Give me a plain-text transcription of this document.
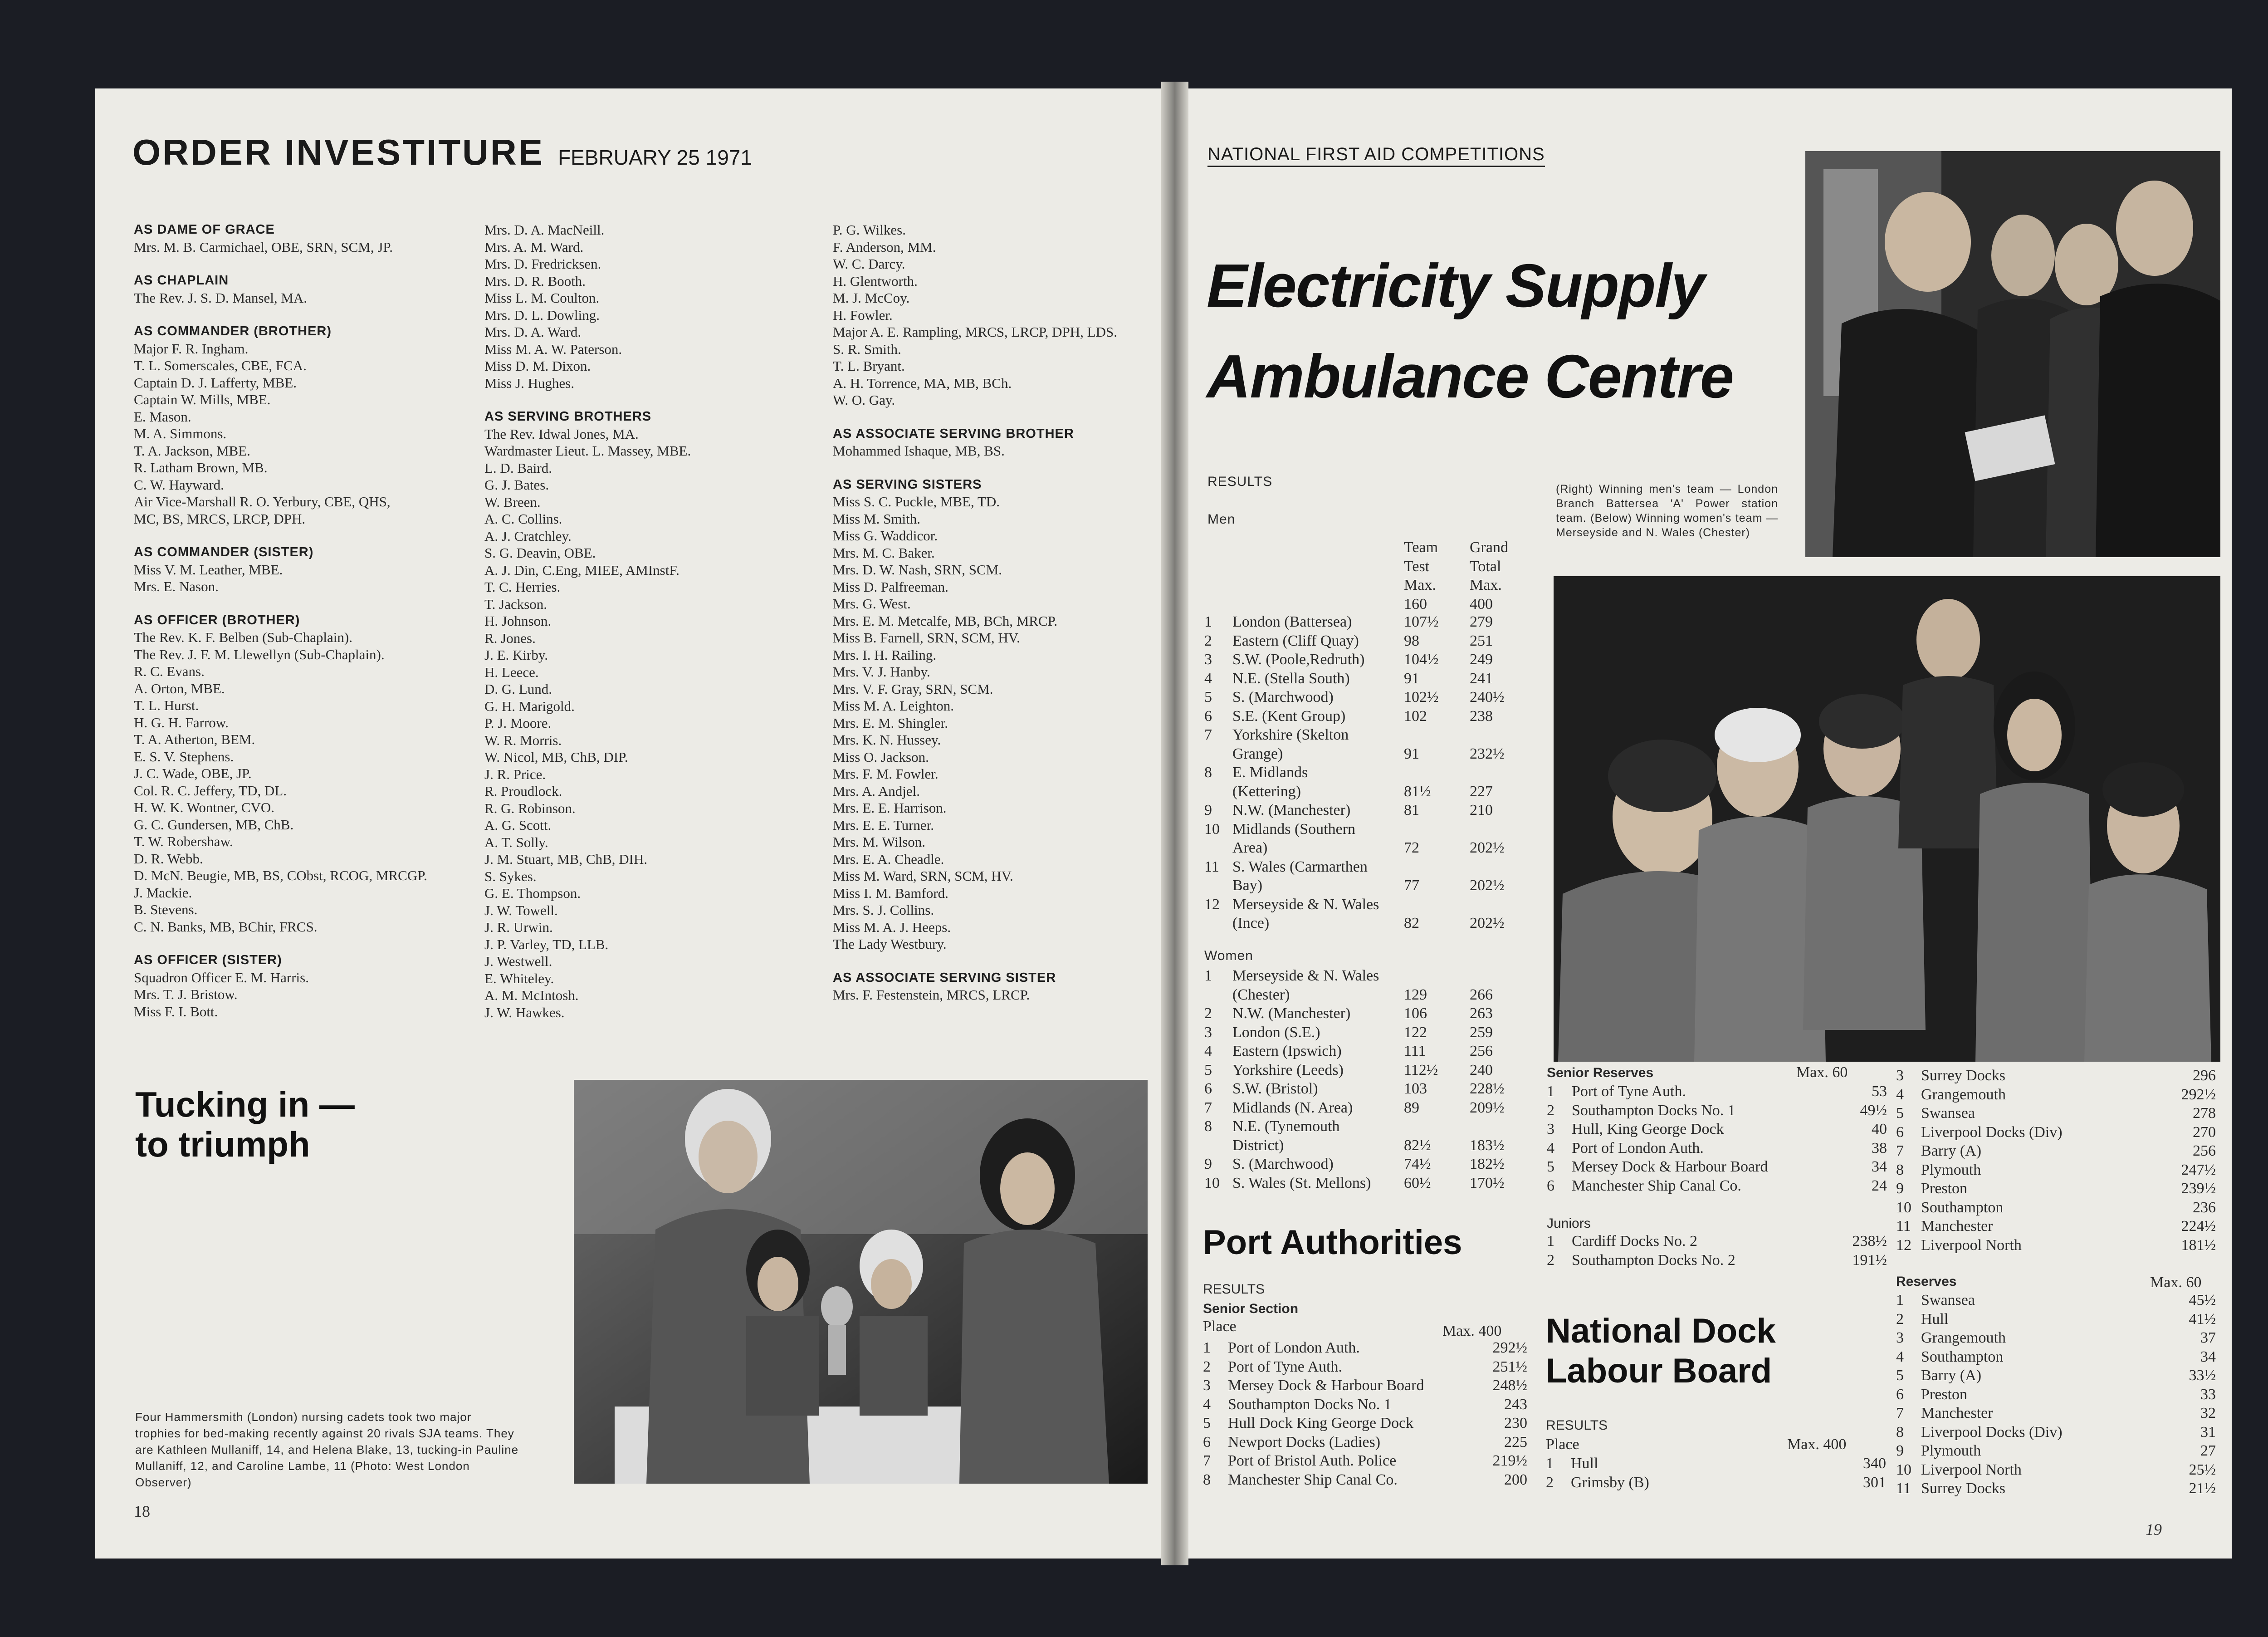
ORDER INVESTITURE FEBRUARY 25 1971
AS DAME OF GRACE
Mrs. M. B. Carmichael, OBE, SRN, SCM, JP.
AS CHAPLAIN
The Rev. J. S. D. Mansel, MA.
AS COMMANDER (BROTHER)
Major F. R. Ingham.
T. L. Somerscales, CBE, FCA.
Captain D. J. Lafferty, MBE.
Captain W. Mills, MBE.
E. Mason.
M. A. Simmons.
T. A. Jackson, MBE.
R. Latham Brown, MB.
C. W. Hayward.
Air Vice-Marshall R. O. Yerbury, CBE, QHS,
MC, BS, MRCS, LRCP, DPH.
AS COMMANDER (SISTER)
Miss V. M. Leather, MBE.
Mrs. E. Nason.
AS OFFICER (BROTHER)
The Rev. K. F. Belben (Sub-Chaplain).
The Rev. J. F. M. Llewellyn (Sub-Chaplain).
R. C. Evans.
A. Orton, MBE.
T. L. Hurst.
H. G. H. Farrow.
T. A. Atherton, BEM.
E. S. V. Stephens.
J. C. Wade, OBE, JP.
Col. R. C. Jeffery, TD, DL.
H. W. K. Wontner, CVO.
G. C. Gundersen, MB, ChB.
T. W. Robershaw.
D. R. Webb.
D. McN. Beugie, MB, BS, CObst, RCOG, MRCGP.
J. Mackie.
B. Stevens.
C. N. Banks, MB, BChir, FRCS.
AS OFFICER (SISTER)
Squadron Officer E. M. Harris.
Mrs. T. J. Bristow.
Miss F. I. Bott.
Mrs. D. A. MacNeill.
Mrs. A. M. Ward.
Mrs. D. Fredricksen.
Mrs. D. R. Booth.
Miss L. M. Coulton.
Mrs. D. L. Dowling.
Mrs. D. A. Ward.
Miss M. A. W. Paterson.
Miss D. M. Dixon.
Miss J. Hughes.
AS SERVING BROTHERS
The Rev. Idwal Jones, MA.
Wardmaster Lieut. L. Massey, MBE.
L. D. Baird.
G. J. Bates.
W. Breen.
A. C. Collins.
A. J. Cratchley.
S. G. Deavin, OBE.
A. J. Din, C.Eng, MIEE, AMInstF.
T. C. Herries.
T. Jackson.
H. Johnson.
R. Jones.
J. E. Kirby.
H. Leece.
D. G. Lund.
G. H. Marigold.
P. J. Moore.
W. R. Morris.
W. Nicol, MB, ChB, DIP.
J. R. Price.
R. Proudlock.
R. G. Robinson.
A. G. Scott.
A. T. Solly.
J. M. Stuart, MB, ChB, DIH.
S. Sykes.
G. E. Thompson.
J. W. Towell.
J. R. Urwin.
J. P. Varley, TD, LLB.
J. Westwell.
E. Whiteley.
A. M. McIntosh.
J. W. Hawkes.
P. G. Wilkes.
F. Anderson, MM.
W. C. Darcy.
H. Glentworth.
M. J. McCoy.
H. Fowler.
Major A. E. Rampling, MRCS, LRCP, DPH, LDS.
S. R. Smith.
T. L. Bryant.
A. H. Torrence, MA, MB, BCh.
W. O. Gay.
AS ASSOCIATE SERVING BROTHER
Mohammed Ishaque, MB, BS.
AS SERVING SISTERS
Miss S. C. Puckle, MBE, TD.
Miss M. Smith.
Miss G. Waddicor.
Mrs. M. C. Baker.
Mrs. D. W. Nash, SRN, SCM.
Miss D. Palfreeman.
Mrs. G. West.
Mrs. E. M. Metcalfe, MB, BCh, MRCP.
Miss B. Farnell, SRN, SCM, HV.
Mrs. I. H. Railing.
Mrs. V. J. Hanby.
Mrs. V. F. Gray, SRN, SCM.
Miss M. A. Leighton.
Mrs. E. M. Shingler.
Mrs. K. N. Hussey.
Miss O. Jackson.
Mrs. F. M. Fowler.
Mrs. A. Andjel.
Mrs. E. E. Harrison.
Mrs. E. E. Turner.
Mrs. M. Wilson.
Mrs. E. A. Cheadle.
Miss M. Ward, SRN, SCM, HV.
Miss I. M. Bamford.
Mrs. S. J. Collins.
Miss M. A. J. Heeps.
The Lady Westbury.
AS ASSOCIATE SERVING SISTER
Mrs. F. Festenstein, MRCS, LRCP.
Tucking in —
to triumph
Four Hammersmith (London) nursing cadets took two major trophies for bed-making recently against 20 rivals SJA teams. They are Kathleen Mullaniff, 14, and Helena Blake, 13, tucking-in Pauline Mullaniff, 12, and Caroline Lambe, 11 (Photo: West London Observer)
18
NATIONAL FIRST AID COMPETITIONS
Electricity Supply
Ambulance Centre
(Right) Winning men's team — London Branch Battersea 'A' Power station team. (Below) Winning women's team — Merseyside and N. Wales (Chester)
RESULTS
Men
	Team	Grand
	Test	Total
	Max.	Max.
	160	400
1	London (Battersea)	107½	279
2	Eastern (Cliff Quay)	98	251
3	S.W. (Poole,Redruth)	104½	249
4	N.E. (Stella South)	91	241
5	S. (Marchwood)	102½	240½
6	S.E. (Kent Group)	102	238
7	Yorkshire (Skelton		
	Grange)	91	232½
8	E. Midlands		
	(Kettering)	81½	227
9	N.W. (Manchester)	81	210
10	Midlands (Southern		
	Area)	72	202½
11	S. Wales (Carmarthen		
	Bay)	77	202½
12	Merseyside & N. Wales		
	(Ince)	82	202½
Women
1	Merseyside & N. Wales		
	(Chester)	129	266
2	N.W. (Manchester)	106	263
3	London (S.E.)	122	259
4	Eastern (Ipswich)	111	256
5	Yorkshire (Leeds)	112½	240
6	S.W. (Bristol)	103	228½
7	Midlands (N. Area)	89	209½
8	N.E. (Tynemouth		
	District)	82½	183½
9	S. (Marchwood)	74½	182½
10	S. Wales (St. Mellons)	60½	170½
Port Authorities
RESULTS
Senior Section
Place	Max. 400
1	Port of London Auth.	292½
2	Port of Tyne Auth.	251½
3	Mersey Dock & Harbour Board	248½
4	Southampton Docks No. 1	243
5	Hull Dock King George Dock	230
6	Newport Docks (Ladies)	225
7	Port of Bristol Auth. Police	219½
8	Manchester Ship Canal Co.	200
Senior Reserves	Max. 60
1	Port of Tyne Auth.	53
2	Southampton Docks No. 1	49½
3	Hull, King George Dock	40
4	Port of London Auth.	38
5	Mersey Dock & Harbour Board	34
6	Manchester Ship Canal Co.	24
Juniors
1	Cardiff Docks No. 2	238½
2	Southampton Docks No. 2	191½
National Dock
Labour Board
RESULTS
Place	Max. 400
1	Hull	340
2	Grimsby (B)	301
3	Surrey Docks	296
4	Grangemouth	292½
5	Swansea	278
6	Liverpool Docks (Div)	270
7	Barry (A)	256
8	Plymouth	247½
9	Preston	239½
10	Southampton	236
11	Manchester	224½
12	Liverpool North	181½
Reserves	Max. 60
1	Swansea	45½
2	Hull	41½
3	Grangemouth	37
4	Southampton	34
5	Barry (A)	33½
6	Preston	33
7	Manchester	32
8	Liverpool Docks (Div)	31
9	Plymouth	27
10	Liverpool North	25½
11	Surrey Docks	21½
19
